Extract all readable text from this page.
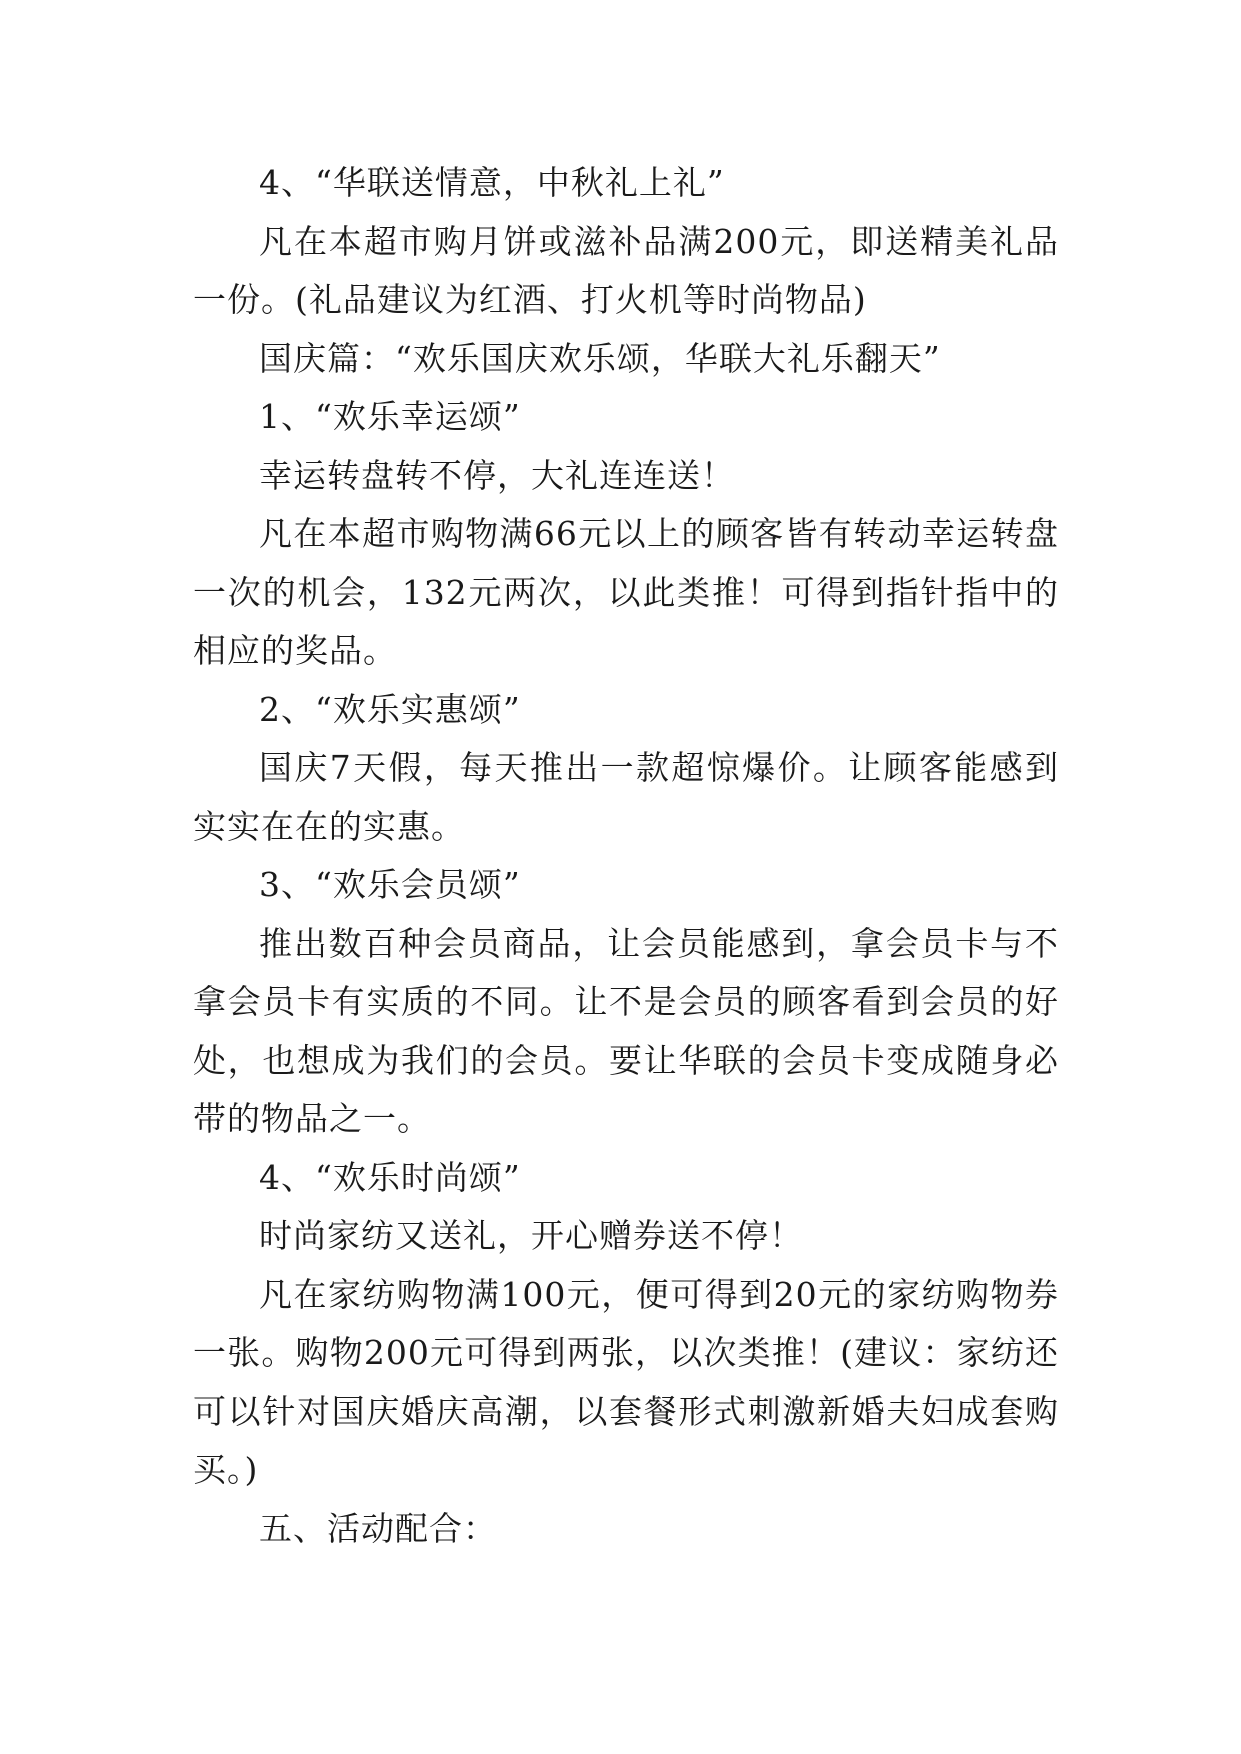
4、“华联送情意，中秋礼上礼”

凡在本超市购月饼或滋补品满200元，即送精美礼品一份。(礼品建议为红酒、打火机等时尚物品)

国庆篇：“欢乐国庆欢乐颂，华联大礼乐翻天”

1、“欢乐幸运颂”

幸运转盘转不停，大礼连连送！

凡在本超市购物满66元以上的顾客皆有转动幸运转盘一次的机会，132元两次，以此类推！可得到指针指中的相应的奖品。

2、“欢乐实惠颂”

国庆7天假，每天推出一款超惊爆价。让顾客能感到实实在在的实惠。

3、“欢乐会员颂”

推出数百种会员商品，让会员能感到，拿会员卡与不拿会员卡有实质的不同。让不是会员的顾客看到会员的好处，也想成为我们的会员。要让华联的会员卡变成随身必带的物品之一。

4、“欢乐时尚颂”

时尚家纺又送礼，开心赠券送不停！

凡在家纺购物满100元，便可得到20元的家纺购物券一张。购物200元可得到两张，以次类推！(建议：家纺还可以针对国庆婚庆高潮，以套餐形式刺激新婚夫妇成套购买。)

五、活动配合：
